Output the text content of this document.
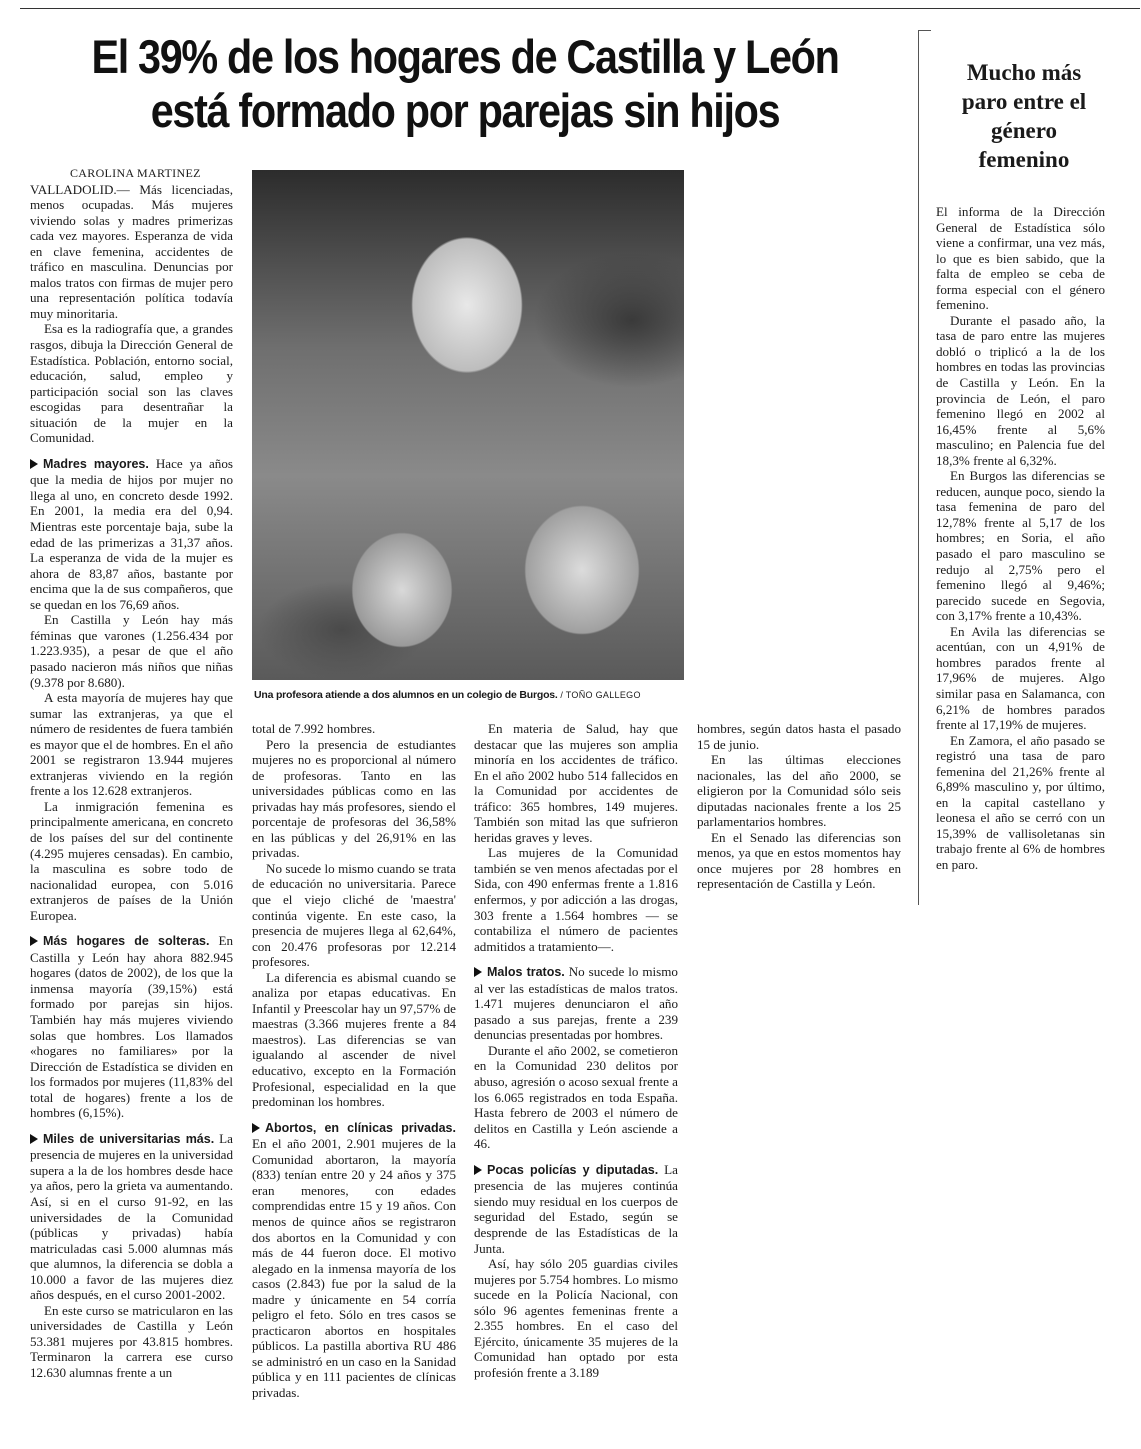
El 39% de los hogares de Castilla y León
está formado por parejas sin hijos

CAROLINA MARTINEZ

VALLADOLID.— Más licenciadas, menos ocupadas. Más mujeres viviendo solas y madres primerizas cada vez mayores. Esperanza de vida en clave femenina, accidentes de tráfico en masculina. Denuncias por malos tratos con firmas de mujer pero una representación política todavía muy minoritaria.

Esa es la radiografía que, a grandes rasgos, dibuja la Dirección General de Estadística. Población, entorno social, educación, salud, empleo y participación social son las claves escogidas para desentrañar la situación de la mujer en la Comunidad.

Madres mayores. Hace ya años que la media de hijos por mujer no llega al uno, en concreto desde 1992. En 2001, la media era del 0,94. Mientras este porcentaje baja, sube la edad de las primerizas a 31,37 años. La esperanza de vida de la mujer es ahora de 83,87 años, bastante por encima que la de sus compañeros, que se quedan en los 76,69 años.

En Castilla y León hay más féminas que varones (1.256.434 por 1.223.935), a pesar de que el año pasado nacieron más niños que niñas (9.378 por 8.680).

A esta mayoría de mujeres hay que sumar las extranjeras, ya que el número de residentes de fuera también es mayor que el de hombres. En el año 2001 se registraron 13.944 mujeres extranjeras viviendo en la región frente a los 12.628 extranjeros.

La inmigración femenina es principalmente americana, en concreto de los países del sur del continente (4.295 mujeres censadas). En cambio, la masculina es sobre todo de nacionalidad europea, con 5.016 extranjeros de países de la Unión Europea.

Más hogares de solteras. En Castilla y León hay ahora 882.945 hogares (datos de 2002), de los que la inmensa mayoría (39,15%) está formado por parejas sin hijos. También hay más mujeres viviendo solas que hombres. Los llamados «hogares no familiares» por la Dirección de Estadística se dividen en los formados por mujeres (11,83% del total de hogares) frente a los de hombres (6,15%).

Miles de universitarias más. La presencia de mujeres en la universidad supera a la de los hombres desde hace ya años, pero la grieta va aumentando. Así, si en el curso 91-92, en las universidades de la Comunidad (públicas y privadas) había matriculadas casi 5.000 alumnas más que alumnos, la diferencia se dobla a 10.000 a favor de las mujeres diez años después, en el curso 2001-2002.

En este curso se matricularon en las universidades de Castilla y León 53.381 mujeres por 43.815 hombres. Terminaron la carrera ese curso 12.630 alumnas frente a un

Una profesora atiende a dos alumnos en un colegio de Burgos. / TOÑO GALLEGO

total de 7.992 hombres.

Pero la presencia de estudiantes mujeres no es proporcional al número de profesoras. Tanto en las universidades públicas como en las privadas hay más profesores, siendo el porcentaje de profesoras del 36,58% en las públicas y del 26,91% en las privadas.

No sucede lo mismo cuando se trata de educación no universitaria. Parece que el viejo cliché de 'maestra' continúa vigente. En este caso, la presencia de mujeres llega al 62,64%, con 20.476 profesoras por 12.214 profesores.

La diferencia es abismal cuando se analiza por etapas educativas. En Infantil y Preescolar hay un 97,57% de maestras (3.366 mujeres frente a 84 maestros). Las diferencias se van igualando al ascender de nivel educativo, excepto en la Formación Profesional, especialidad en la que predominan los hombres.

Abortos, en clínicas privadas. En el año 2001, 2.901 mujeres de la Comunidad abortaron, la mayoría (833) tenían entre 20 y 24 años y 375 eran menores, con edades comprendidas entre 15 y 19 años. Con menos de quince años se registraron dos abortos en la Comunidad y con más de 44 fueron doce. El motivo alegado en la inmensa mayoría de los casos (2.843) fue por la salud de la madre y únicamente en 54 corría peligro el feto. Sólo en tres casos se practicaron abortos en hospitales públicos. La pastilla abortiva RU 486 se administró en un caso en la Sanidad pública y en 111 pacientes de clínicas privadas.

En materia de Salud, hay que destacar que las mujeres son amplia minoría en los accidentes de tráfico. En el año 2002 hubo 514 fallecidos en la Comunidad por accidentes de tráfico: 365 hombres, 149 mujeres. También son mitad las que sufrieron heridas graves y leves.

Las mujeres de la Comunidad también se ven menos afectadas por el Sida, con 490 enfermas frente a 1.816 enfermos, y por adicción a las drogas, 303 frente a 1.564 hombres — se contabiliza el número de pacientes admitidos a tratamiento—.

Malos tratos. No sucede lo mismo al ver las estadísticas de malos tratos. 1.471 mujeres denunciaron el año pasado a sus parejas, frente a 239 denuncias presentadas por hombres.

Durante el año 2002, se cometieron en la Comunidad 230 delitos por abuso, agresión o acoso sexual frente a los 6.065 registrados en toda España. Hasta febrero de 2003 el número de delitos en Castilla y León asciende a 46.

Pocas policías y diputadas. La presencia de las mujeres continúa siendo muy residual en los cuerpos de seguridad del Estado, según se desprende de las Estadísticas de la Junta.

Así, hay sólo 205 guardias civiles mujeres por 5.754 hombres. Lo mismo sucede en la Policía Nacional, con sólo 96 agentes femeninas frente a 2.355 hombres. En el caso del Ejército, únicamente 35 mujeres de la Comunidad han optado por esta profesión frente a 3.189

hombres, según datos hasta el pasado 15 de junio.

En las últimas elecciones nacionales, las del año 2000, se eligieron por la Comunidad sólo seis diputadas nacionales frente a los 25 parlamentarios hombres.

En el Senado las diferencias son menos, ya que en estos momentos hay once mujeres por 28 hombres en representación de Castilla y León.

Mucho más paro entre el género femenino

El informa de la Dirección General de Estadística sólo viene a confirmar, una vez más, lo que es bien sabido, que la falta de empleo se ceba de forma especial con el género femenino.

Durante el pasado año, la tasa de paro entre las mujeres dobló o triplicó a la de los hombres en todas las provincias de Castilla y León. En la provincia de León, el paro femenino llegó en 2002 al 16,45% frente al 5,6% masculino; en Palencia fue del 18,3% frente al 6,32%.

En Burgos las diferencias se reducen, aunque poco, siendo la tasa femenina de paro del 12,78% frente al 5,17 de los hombres; en Soria, el año pasado el paro masculino se redujo al 2,75% pero el femenino llegó al 9,46%; parecido sucede en Segovia, con 3,17% frente a 10,43%.

En Avila las diferencias se acentúan, con un 4,91% de hombres parados frente al 17,96% de mujeres. Algo similar pasa en Salamanca, con 6,21% de hombres parados frente al 17,19% de mujeres.

En Zamora, el año pasado se registró una tasa de paro femenina del 21,26% frente al 6,89% masculino y, por último, en la capital castellano y leonesa el año se cerró con un 15,39% de vallisoletanas sin trabajo frente al 6% de hombres en paro.
